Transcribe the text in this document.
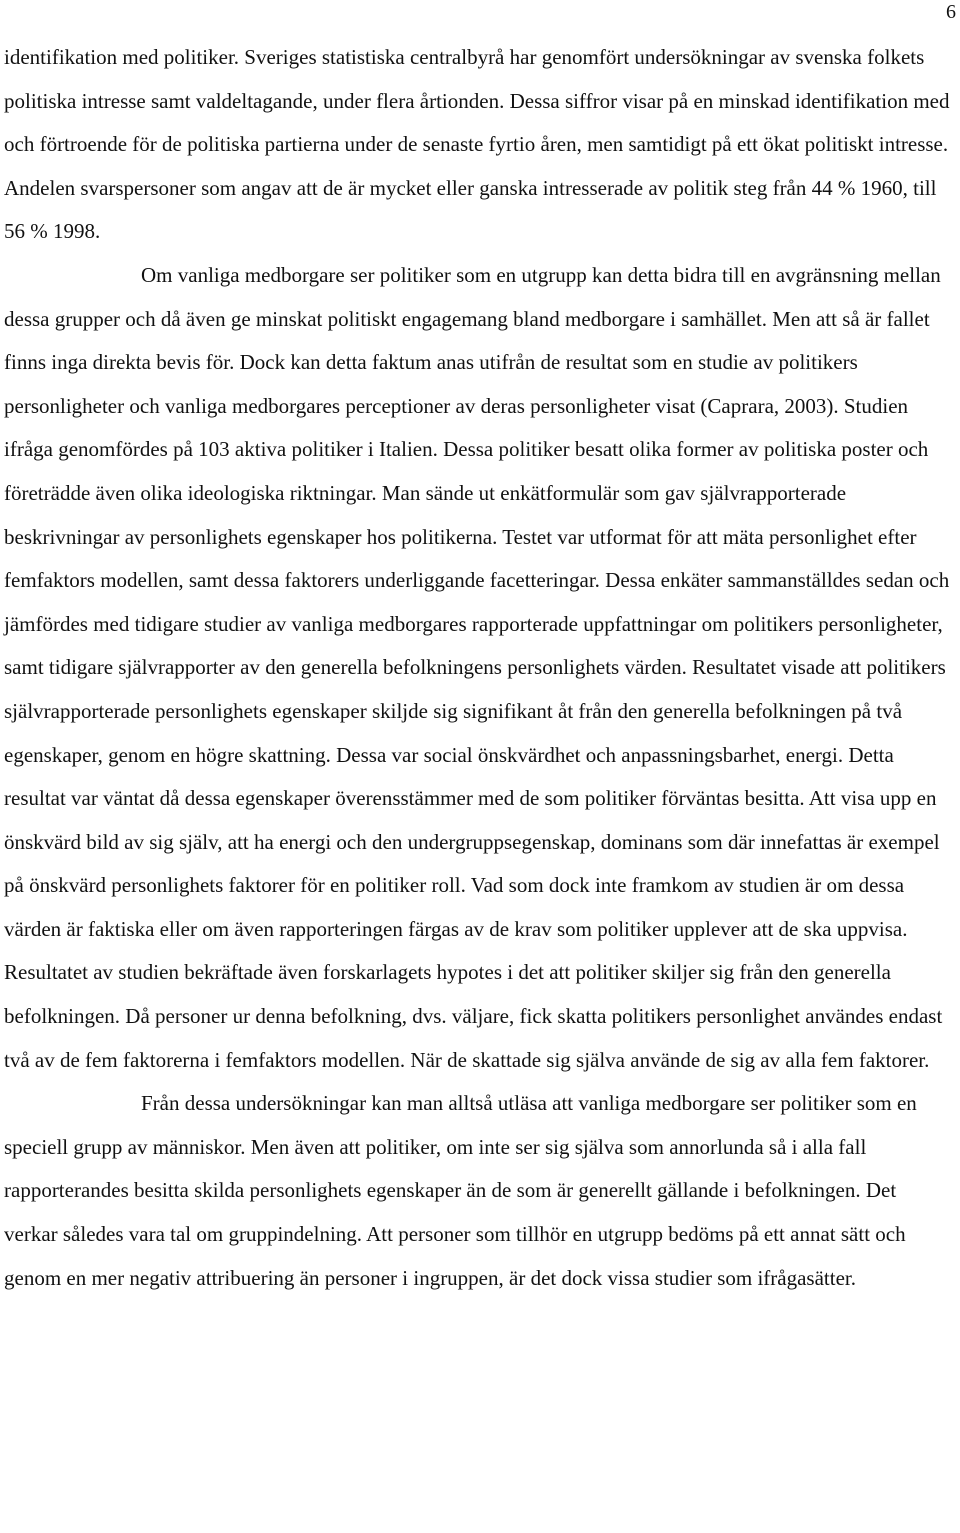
6

identifikation med politiker. Sveriges statistiska centralbyrå har genomfört undersökningar av svenska folkets politiska intresse samt valdeltagande, under flera årtionden. Dessa siffror visar på en minskad identifikation med och förtroende för de politiska partierna under de senaste fyrtio åren, men samtidigt på ett ökat politiskt intresse. Andelen svarspersoner som angav att de är mycket eller ganska intresserade av politik steg från 44 % 1960, till 56 % 1998.

Om vanliga medborgare ser politiker som en utgrupp kan detta bidra till en avgränsning mellan dessa grupper och då även ge minskat politiskt engagemang bland medborgare i samhället. Men att så är fallet finns inga direkta bevis för. Dock kan detta faktum anas utifrån de resultat som en studie av politikers personligheter och vanliga medborgares perceptioner av deras personligheter visat (Caprara, 2003). Studien ifråga genomfördes på 103 aktiva politiker i Italien. Dessa politiker besatt olika former av politiska poster och företrädde även olika ideologiska riktningar. Man sände ut enkätformulär som gav självrapporterade beskrivningar av personlighets egenskaper hos politikerna. Testet var utformat för att mäta personlighet efter femfaktors modellen, samt dessa faktorers underliggande facetteringar. Dessa enkäter sammanställdes sedan och jämfördes med tidigare studier av vanliga medborgares rapporterade uppfattningar om politikers personligheter, samt tidigare självrapporter av den generella befolkningens personlighets värden. Resultatet visade att politikers självrapporterade personlighets egenskaper skiljde sig signifikant åt från den generella befolkningen på två egenskaper, genom en högre skattning. Dessa var social önskvärdhet och anpassningsbarhet, energi. Detta resultat var väntat då dessa egenskaper överensstämmer med de som politiker förväntas besitta. Att visa upp en önskvärd bild av sig själv, att ha energi och den undergruppsegenskap, dominans som där innefattas är exempel på önskvärd personlighets faktorer för en politiker roll. Vad som dock inte framkom av studien är om dessa värden är faktiska eller om även rapporteringen färgas av de krav som politiker upplever att de ska uppvisa. Resultatet av studien bekräftade även forskarlagets hypotes i det att politiker skiljer sig från den generella befolkningen. Då personer ur denna befolkning, dvs. väljare, fick skatta politikers personlighet användes endast två av de fem faktorerna i femfaktors modellen. När de skattade sig själva använde de sig av alla fem faktorer.

Från dessa undersökningar kan man alltså utläsa att vanliga medborgare ser politiker som en speciell grupp av människor. Men även att politiker, om inte ser sig själva som annorlunda så i alla fall rapporterandes besitta skilda personlighets egenskaper än de som är generellt gällande i befolkningen. Det verkar således vara tal om gruppindelning. Att personer som tillhör en utgrupp bedöms på ett annat sätt och genom en mer negativ attribuering än personer i ingruppen, är det dock vissa studier som ifrågasätter.
